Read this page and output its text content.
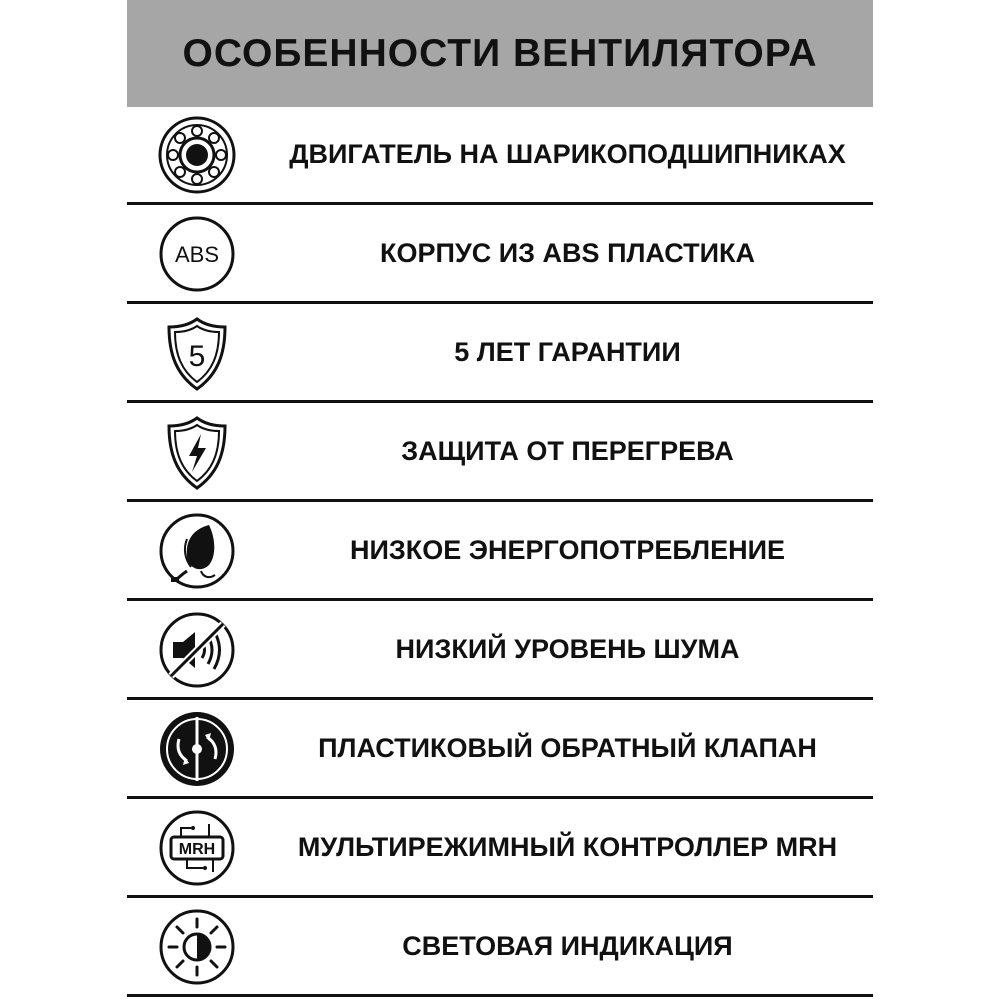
ОСОБЕННОСТИ ВЕНТИЛЯТОРА
ДВИГАТЕЛЬ НА ШАРИКОПОДШИПНИКАХ
ABS	КОРПУС ИЗ ABS ПЛАСТИКА
5	5 ЛЕТ ГАРАНТИИ
ЗАЩИТА ОТ ПЕРЕГРЕВА
НИЗКОЕ ЭНЕРГОПОТРЕБЛЕНИЕ
НИЗКИЙ УРОВЕНЬ ШУМА
ПЛАСТИКОВЫЙ ОБРАТНЫЙ КЛАПАН
MRH	МУЛЬТИРЕЖИМНЫЙ КОНТРОЛЛЕР MRH
СВЕТОВАЯ ИНДИКАЦИЯ
